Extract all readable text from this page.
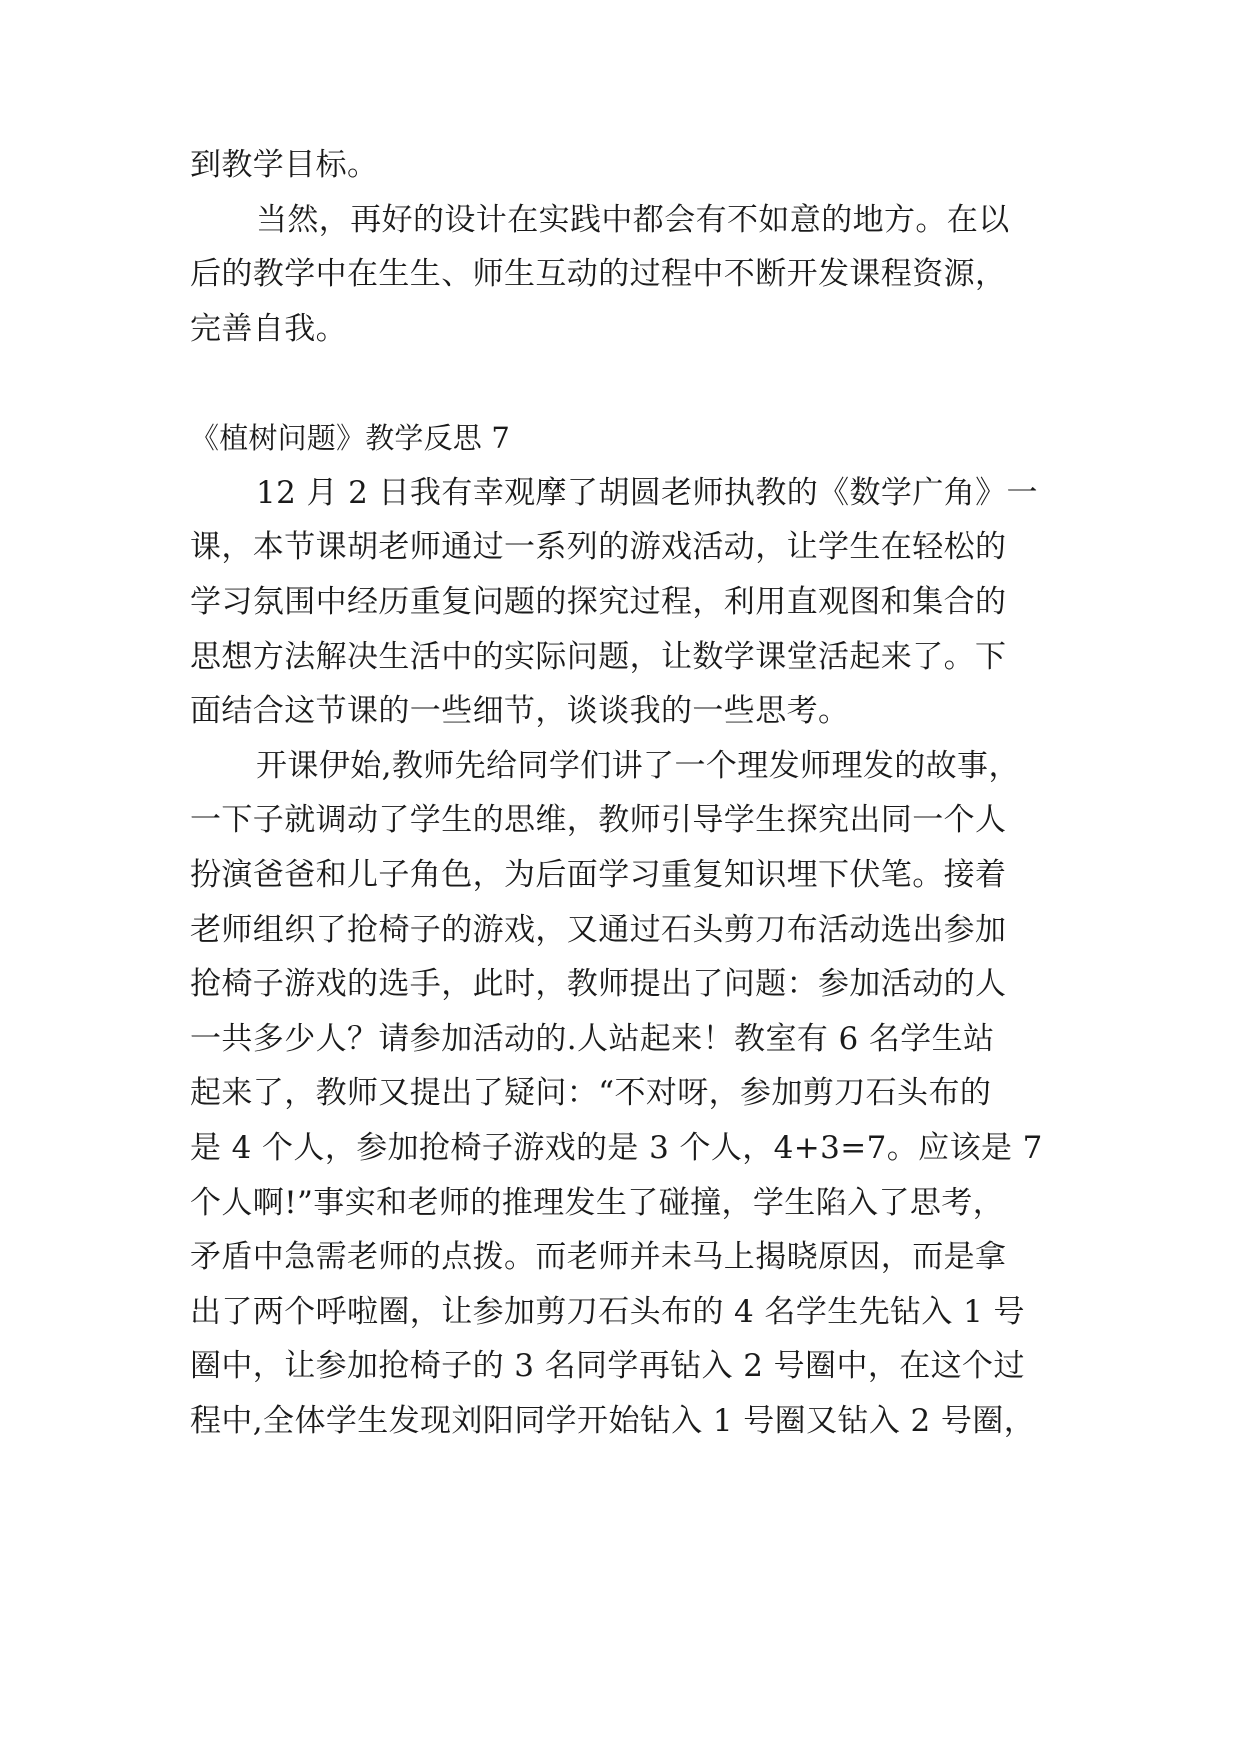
到教学目标。
当然，再好的设计在实践中都会有不如意的地方。在以
后的教学中在生生、师生互动的过程中不断开发课程资源，
完善自我。
《植树问题》教学反思 7
12 月 2 日我有幸观摩了胡圆老师执教的《数学广角》一
课，本节课胡老师通过一系列的游戏活动，让学生在轻松的
学习氛围中经历重复问题的探究过程，利用直观图和集合的
思想方法解决生活中的实际问题，让数学课堂活起来了。下
面结合这节课的一些细节，谈谈我的一些思考。
开课伊始,教师先给同学们讲了一个理发师理发的故事，
一下子就调动了学生的思维，教师引导学生探究出同一个人
扮演爸爸和儿子角色，为后面学习重复知识埋下伏笔。接着
老师组织了抢椅子的游戏，又通过石头剪刀布活动选出参加
抢椅子游戏的选手，此时，教师提出了问题：参加活动的人
一共多少人？请参加活动的.人站起来！教室有 6 名学生站
起来了，教师又提出了疑问：“不对呀，参加剪刀石头布的
是 4 个人，参加抢椅子游戏的是 3 个人，4+3=7。应该是 7
个人啊!”事实和老师的推理发生了碰撞，学生陷入了思考，
矛盾中急需老师的点拨。而老师并未马上揭晓原因，而是拿
出了两个呼啦圈，让参加剪刀石头布的 4 名学生先钻入 1 号
圈中，让参加抢椅子的 3 名同学再钻入 2 号圈中，在这个过
程中,全体学生发现刘阳同学开始钻入 1 号圈又钻入 2 号圈，
